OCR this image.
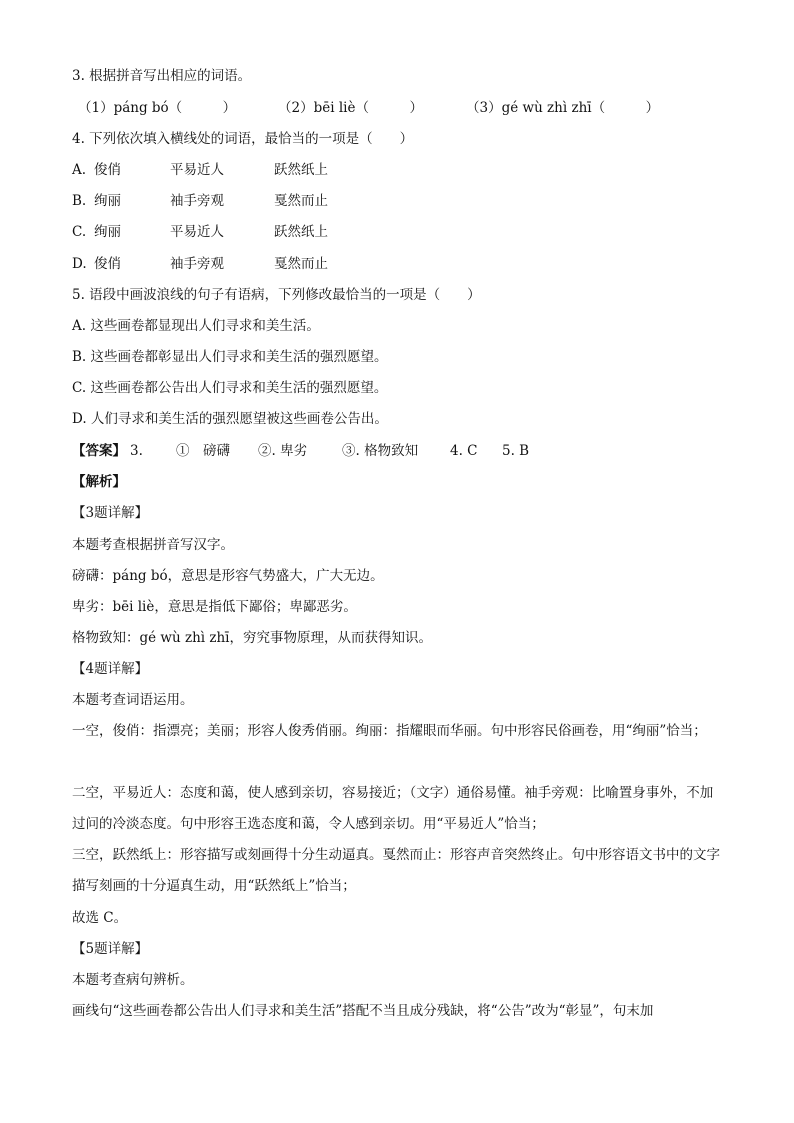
3. 根据拼音写出相应的词语。
（1）páng bó（　　　）	（2）bēi liè（　　　）	（3）gé wù zhì zhī（　　　）
4. 下列依次填入横线处的词语，最恰当的一项是（　　）
A. 俊俏	平易近人	跃然纸上
B. 绚丽	袖手旁观	戛然而止
C. 绚丽	平易近人	跃然纸上
D. 俊俏	袖手旁观	戛然而止
5. 语段中画波浪线的句子有语病，下列修改最恰当的一项是（　　）
A. 这些画卷都显现出人们寻求和美生活。
B. 这些画卷都彰显出人们寻求和美生活的强烈愿望。
C. 这些画卷都公告出人们寻求和美生活的强烈愿望。
D. 人们寻求和美生活的强烈愿望被这些画卷公告出。
【答案】 3. ①　磅礴 ②. 卑劣	③. 格物致知 4. C 5. B
【解析】
【3题详解】
本题考查根据拼音写汉字。
磅礴：páng bó，意思是形容气势盛大，广大无边。
卑劣：bēi liè，意思是指低下鄙俗；卑鄙恶劣。
格物致知：gé wù zhì zhī，穷究事物原理，从而获得知识。
【4题详解】
本题考查词语运用。
一空，俊俏：指漂亮；美丽；形容人俊秀俏丽。绚丽：指耀眼而华丽。句中形容民俗画卷，用“绚丽”恰当；
二空，平易近人：态度和蔼，使人感到亲切，容易接近；（文字）通俗易懂。袖手旁观：比喻置身事外，不加过问的冷淡态度。句中形容王选态度和蔼，令人感到亲切。用“平易近人”恰当；
三空，跃然纸上：形容描写或刻画得十分生动逼真。戛然而止：形容声音突然终止。句中形容语文书中的文字描写刻画的十分逼真生动，用“跃然纸上”恰当；
故选 C。
【5题详解】
本题考查病句辨析。
画线句“这些画卷都公告出人们寻求和美生活”搭配不当且成分残缺，将“公告”改为“彰显”，句末加
